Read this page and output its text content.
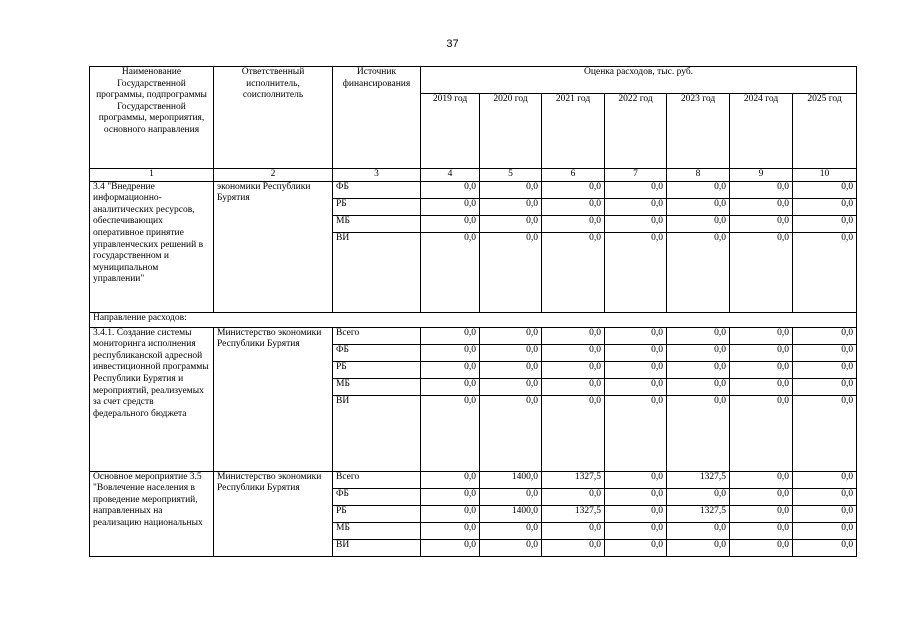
37
Наименование Государственной программы, подпрограммы Государственной программы, мероприятия, основного направления	Ответственный исполнитель, соисполнитель	Источник финансирования	Оценка расходов, тыс. руб.						
			2019 год	2020 год	2021 год	2022 год	2023 год	2024 год	2025 год
1	2	3	4	5	6	7	8	9	10
3.4 "Внедрение информационно-аналитических ресурсов, обеспечивающих оперативное принятие управленческих решений в государственном и муниципальном управлении"	экономики Республики Бурятия	ФБ	0,0	0,0	0,0	0,0	0,0	0,0	0,0
		РБ	0,0	0,0	0,0	0,0	0,0	0,0	0,0
		МБ	0,0	0,0	0,0	0,0	0,0	0,0	0,0
		ВИ	0,0	0,0	0,0	0,0	0,0	0,0	0,0
Направление расходов:									
3.4.1. Создание системы мониторинга исполнения республиканской адресной инвестиционной программы Республики Бурятия и мероприятий, реализуемых за счет средств федерального бюджета	Министерство экономики Республики Бурятия	Всего	0,0	0,0	0,0	0,0	0,0	0,0	0,0
		ФБ	0,0	0,0	0,0	0,0	0,0	0,0	0,0
		РБ	0,0	0,0	0,0	0,0	0,0	0,0	0,0
		МБ	0,0	0,0	0,0	0,0	0,0	0,0	0,0
		ВИ	0,0	0,0	0,0	0,0	0,0	0,0	0,0
Основное мероприятие 3.5 "Вовлечение населения в проведение мероприятий, направленных на реализацию национальных	Министерство экономики Республики Бурятия	Всего	0,0	1400,0	1327,5	0,0	1327,5	0,0	0,0
		ФБ	0,0	0,0	0,0	0,0	0,0	0,0	0,0
		РБ	0,0	1400,0	1327,5	0,0	1327,5	0,0	0,0
		МБ	0,0	0,0	0,0	0,0	0,0	0,0	0,0
		ВИ	0,0	0,0	0,0	0,0	0,0	0,0	0,0
